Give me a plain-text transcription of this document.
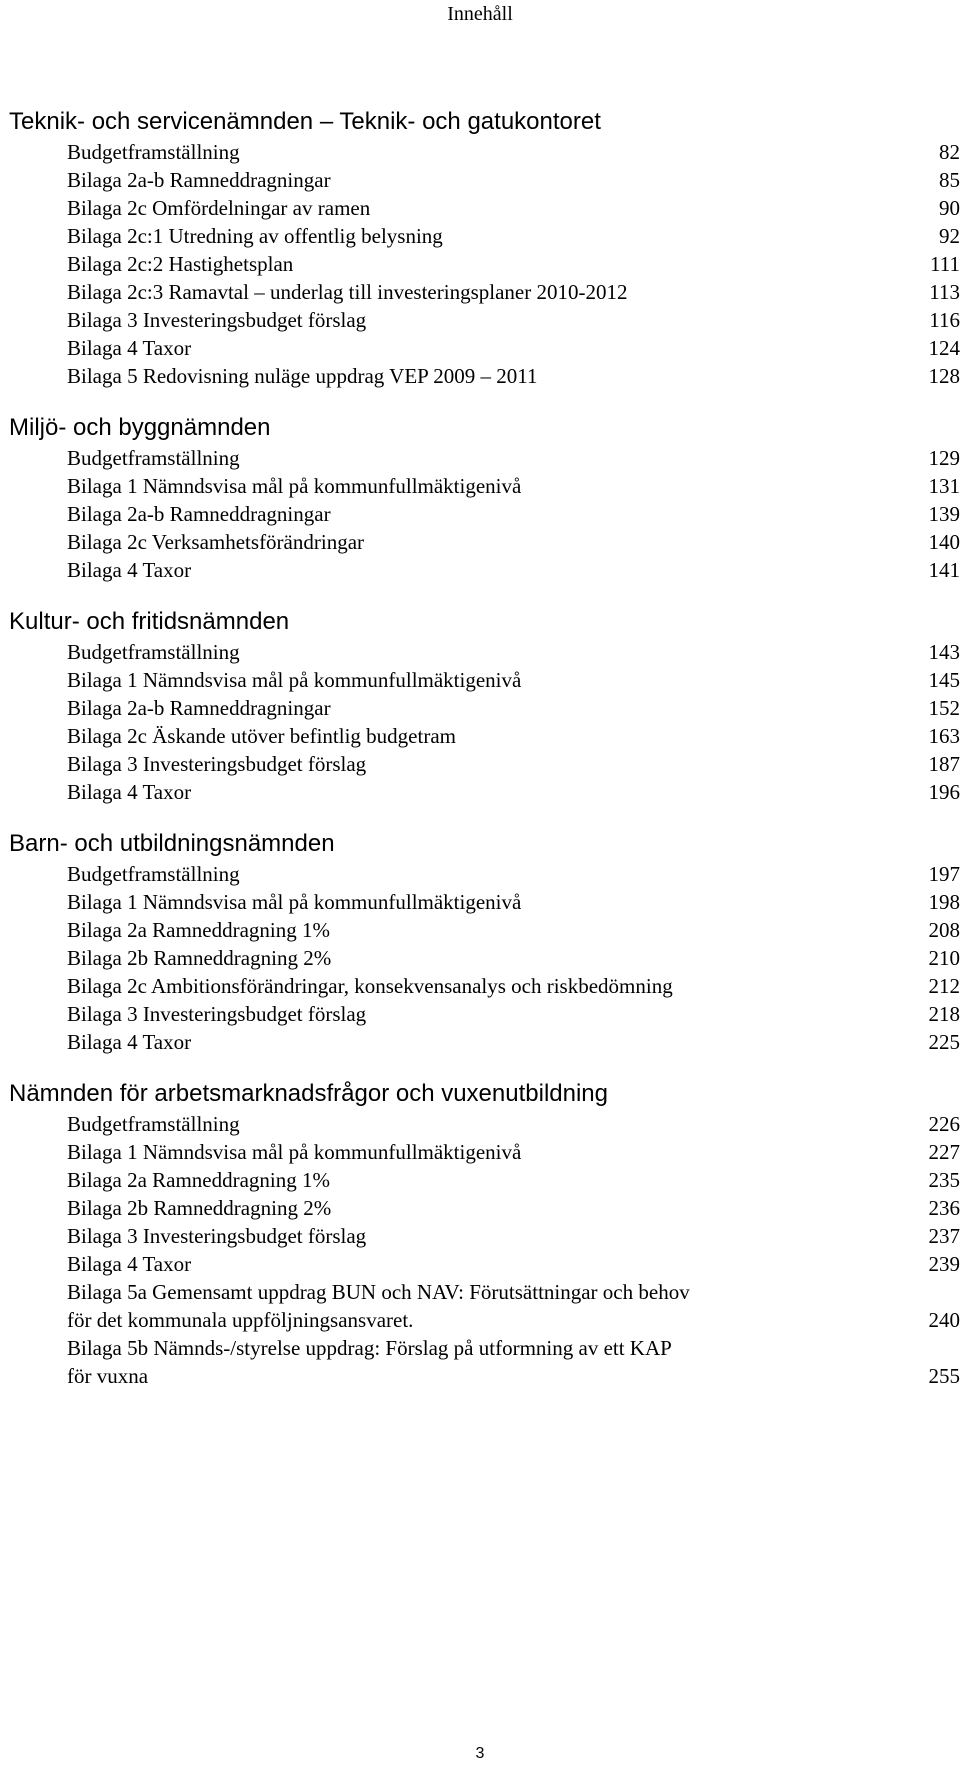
Innehåll
Teknik- och servicenämnden – Teknik- och gatukontoret
Budgetframställning	82
Bilaga 2a-b Ramneddragningar	85
Bilaga 2c Omfördelningar av ramen	90
Bilaga 2c:1 Utredning av offentlig belysning	92
Bilaga 2c:2 Hastighetsplan	111
Bilaga 2c:3 Ramavtal – underlag till investeringsplaner 2010-2012	113
Bilaga 3 Investeringsbudget förslag	116
Bilaga 4 Taxor	124
Bilaga 5 Redovisning nuläge uppdrag VEP 2009 – 2011	128
Miljö- och byggnämnden
Budgetframställning	129
Bilaga 1 Nämndsvisa mål på kommunfullmäktigenivå	131
Bilaga 2a-b Ramneddragningar	139
Bilaga 2c Verksamhetsförändringar	140
Bilaga 4 Taxor	141
Kultur- och fritidsnämnden
Budgetframställning	143
Bilaga 1 Nämndsvisa mål på kommunfullmäktigenivå	145
Bilaga 2a-b Ramneddragningar	152
Bilaga 2c Äskande utöver befintlig budgetram	163
Bilaga 3 Investeringsbudget förslag	187
Bilaga 4 Taxor	196
Barn- och utbildningsnämnden
Budgetframställning	197
Bilaga 1 Nämndsvisa mål på kommunfullmäktigenivå	198
Bilaga 2a Ramneddragning 1%	208
Bilaga 2b Ramneddragning 2%	210
Bilaga 2c Ambitionsförändringar, konsekvensanalys och riskbedömning	212
Bilaga 3 Investeringsbudget förslag	218
Bilaga 4 Taxor	225
Nämnden för arbetsmarknadsfrågor och vuxenutbildning
Budgetframställning	226
Bilaga 1 Nämndsvisa mål på kommunfullmäktigenivå	227
Bilaga 2a Ramneddragning 1%	235
Bilaga 2b Ramneddragning 2%	236
Bilaga 3 Investeringsbudget förslag	237
Bilaga 4 Taxor	239
Bilaga 5a Gemensamt uppdrag BUN och NAV: Förutsättningar och behov
för det kommunala uppföljningsansvaret.	240
Bilaga 5b Nämnds-/styrelse uppdrag: Förslag på utformning av ett KAP
för vuxna	255
3
